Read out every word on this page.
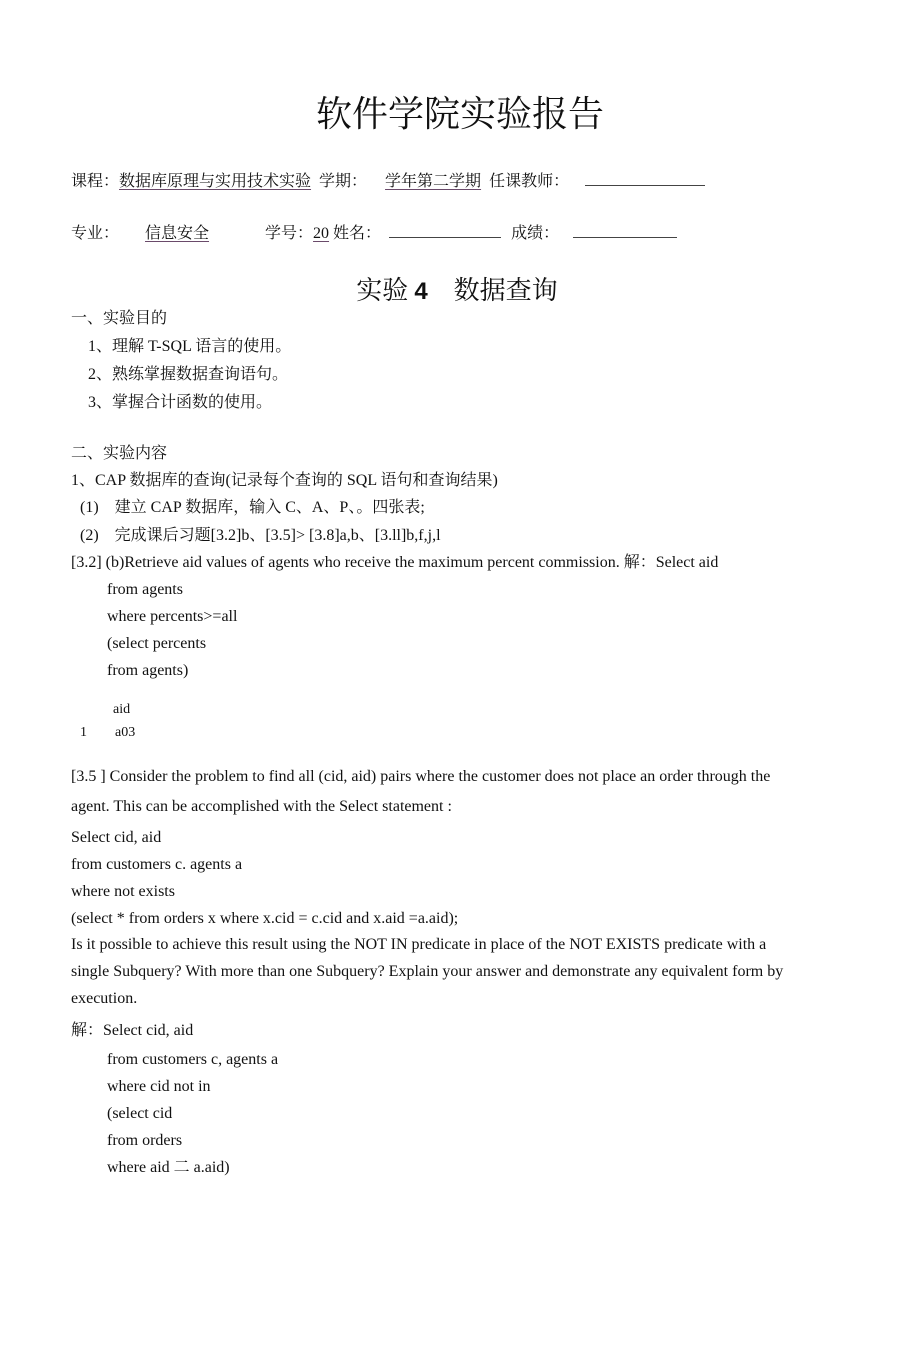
软件学院实验报告
课程：数据库原理与实用技术实验 学期： 学年第二学期 任课教师：
专业： 信息安全	学号：20 姓名：	成绩：
实验 4 数据查询
一、实验目的
1、理解 T-SQL 语言的使用。
2、熟练掌握数据查询语句。
3、掌握合计函数的使用。
二、实验内容
1、CAP 数据库的查询(记录每个查询的 SQL 语句和查询结果)
(1) 建立 CAP 数据库，输入 C、A、P、。四张表;
(2) 完成课后习题[3.2]b、[3.5]> [3.8]a,b、[3.ll]b,f,j,l
[3.2] (b)Retrieve aid values of agents who receive the maximum percent commission. 解：Select aid
from agents
where percents>=all
(select percents
from agents)
aid
1 a03
[3.5 ] Consider the problem to find all (cid, aid) pairs where the customer does not place an order through the
agent. This can be accomplished with the Select statement :
Select cid, aid
from customers c. agents a
where not exists
(select * from orders x where x.cid = c.cid and x.aid =a.aid);
Is it possible to achieve this result using the NOT IN predicate in place of the NOT EXISTS predicate with a
single Subquery? With more than one Subquery? Explain your answer and demonstrate any equivalent form by
execution.
解：Select cid, aid
from customers c, agents a
where cid not in
(select cid
from orders
where aid 二 a.aid)
